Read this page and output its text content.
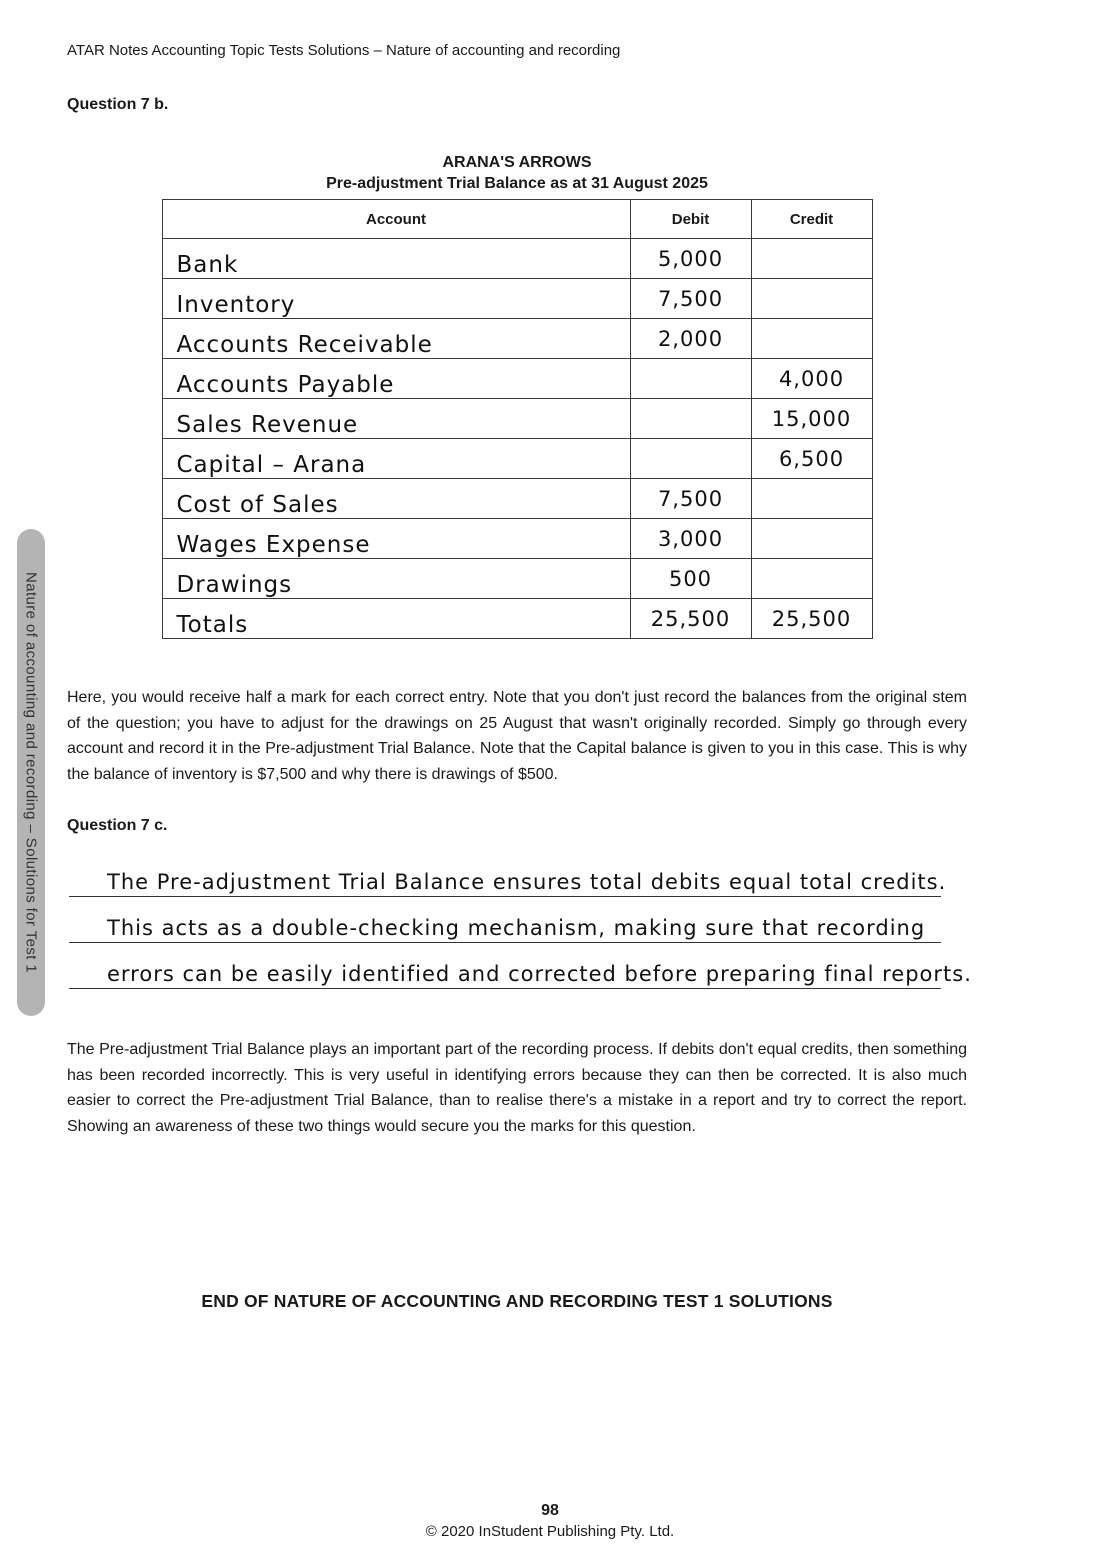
ATAR Notes Accounting Topic Tests Solutions – Nature of accounting and recording
Question 7 b.
ARANA'S ARROWS
Pre-adjustment Trial Balance as at 31 August 2025
Account	Debit	Credit
Bank	5,000	
Inventory	7,500	
Accounts Receivable	2,000	
Accounts Payable		4,000
Sales Revenue		15,000
Capital – Arana		6,500
Cost of Sales	7,500	
Wages Expense	3,000	
Drawings	500	
Totals	25,500	25,500

Here, you would receive half a mark for each correct entry. Note that you don't just record the balances from the original stem of the question; you have to adjust for the drawings on 25 August that wasn't originally recorded. Simply go through every account and record it in the Pre-adjustment Trial Balance. Note that the Capital balance is given to you in this case. This is why the balance of inventory is $7,500 and why there is drawings of $500.

Question 7 c.
The Pre-adjustment Trial Balance ensures total debits equal total credits.
This acts as a double-checking mechanism, making sure that recording
errors can be easily identified and corrected before preparing final reports.

The Pre-adjustment Trial Balance plays an important part of the recording process. If debits don't equal credits, then something has been recorded incorrectly. This is very useful in identifying errors because they can then be corrected. It is also much easier to correct the Pre-adjustment Trial Balance, than to realise there's a mistake in a report and try to correct the report. Showing an awareness of these two things would secure you the marks for this question.

END OF NATURE OF ACCOUNTING AND RECORDING TEST 1 SOLUTIONS
Nature of accounting and recording – Solutions for Test 1
98
© 2020 InStudent Publishing Pty. Ltd.
